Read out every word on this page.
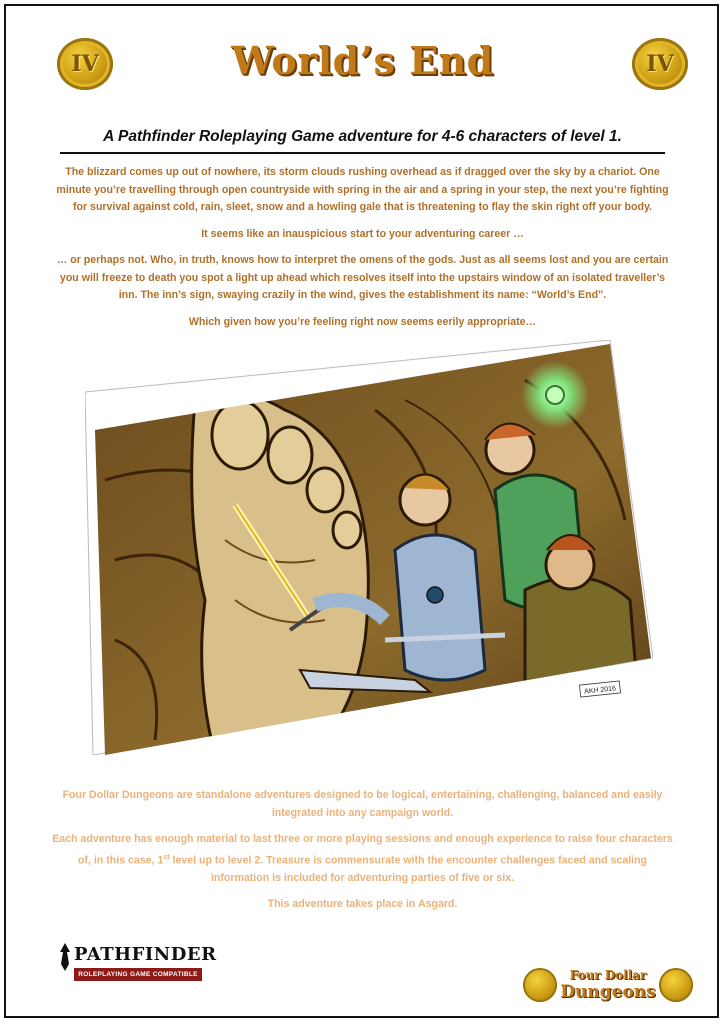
IV	World’s End	IV
A Pathfinder Roleplaying Game adventure for 4-6 characters of level 1.

The blizzard comes up out of nowhere, its storm clouds rushing overhead as if dragged over the sky by a chariot. One minute you’re travelling through open countryside with spring in the air and a spring in your step, the next you’re fighting for survival against cold, rain, sleet, snow and a howling gale that is threatening to flay the skin right off your body.

It seems like an inauspicious start to your adventuring career …

… or perhaps not. Who, in truth, knows how to interpret the omens of the gods. Just as all seems lost and you are certain you will freeze to death you spot a light up ahead which resolves itself into the upstairs window of an isolated traveller’s inn. The inn’s sign, swaying crazily in the wind, gives the establishment its name: “World’s End”.

Which given how you’re feeling right now seems eerily appropriate…

AKH 2016

Four Dollar Dungeons are standalone adventures designed to be logical, entertaining, challenging, balanced and easily integrated into any campaign world.

Each adventure has enough material to last three or more playing sessions and enough experience to raise four characters of, in this case, 1st level up to level 2. Treasure is commensurate with the encounter challenges faced and scaling information is included for adventuring parties of five or six.

This adventure takes place in Asgard.

PATHFINDER
ROLEPLAYING GAME COMPATIBLE	Four Dollar
Dungeons
